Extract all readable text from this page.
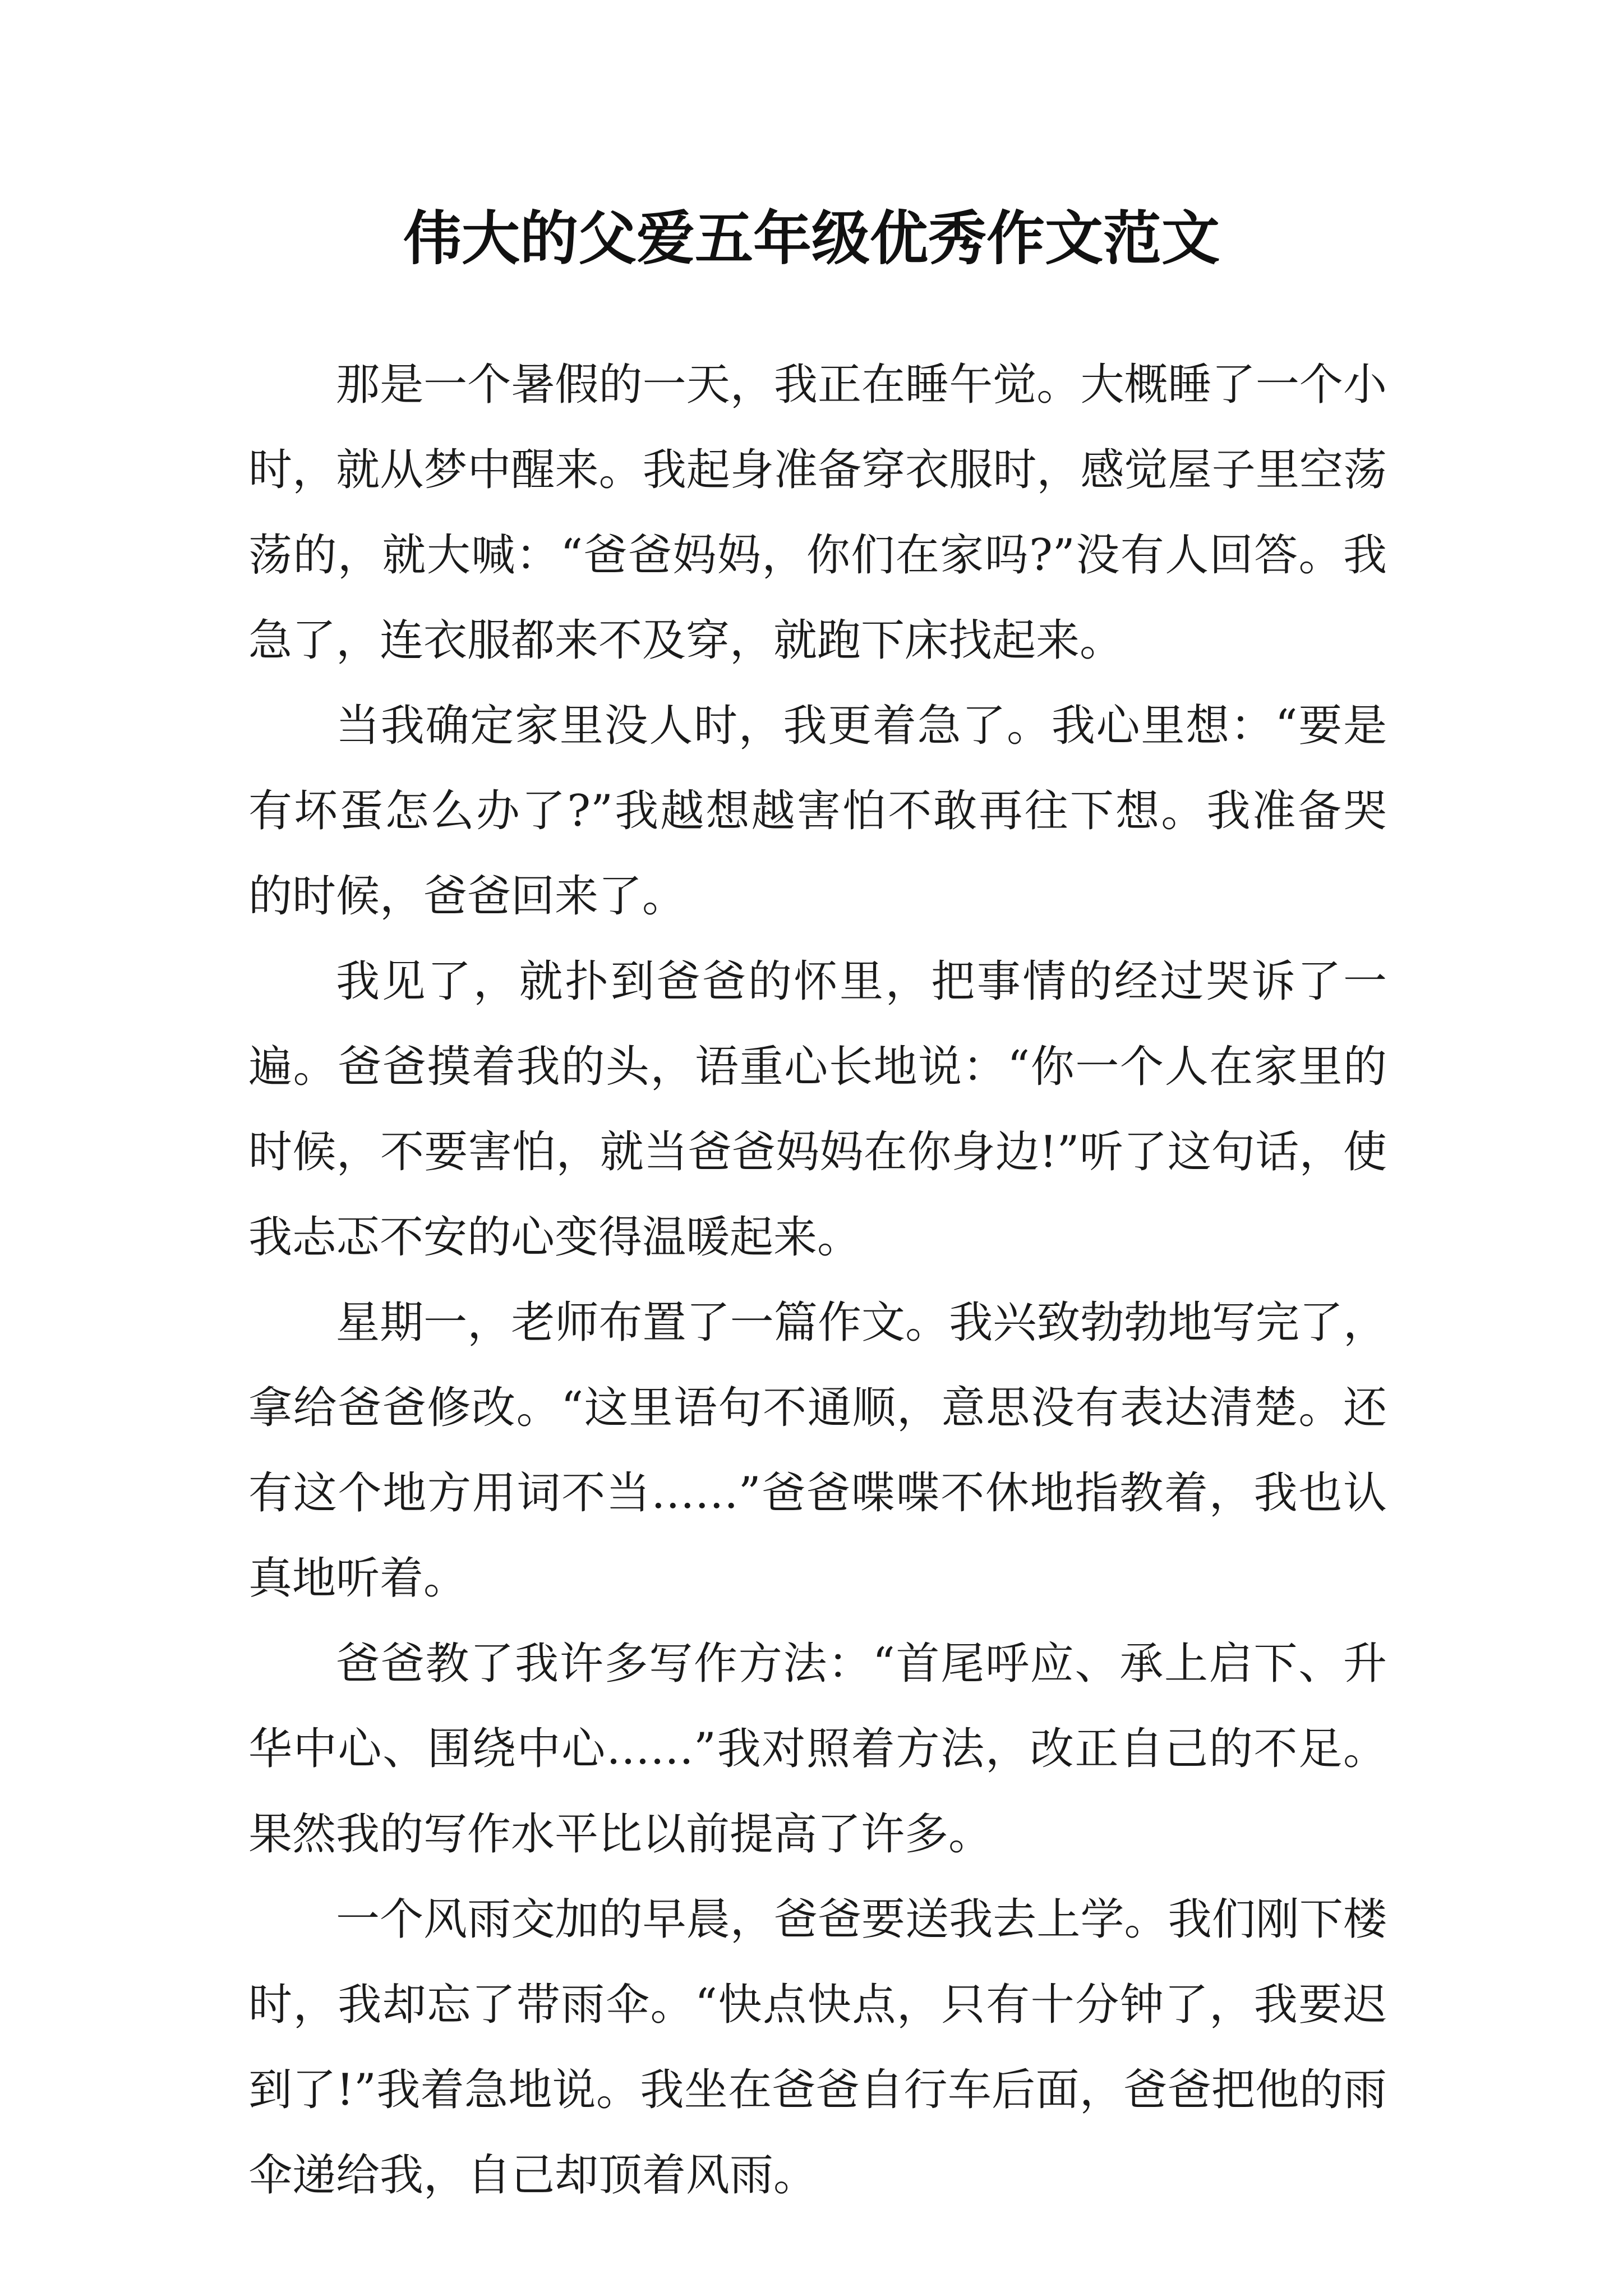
伟大的父爱五年级优秀作文范文

那是一个暑假的一天，我正在睡午觉。大概睡了一个小时，就从梦中醒来。我起身准备穿衣服时，感觉屋子里空荡荡的，就大喊：“爸爸妈妈，你们在家吗?”没有人回答。我急了，连衣服都来不及穿，就跑下床找起来。

当我确定家里没人时，我更着急了。我心里想：“要是有坏蛋怎么办了?”我越想越害怕不敢再往下想。我准备哭的时候，爸爸回来了。

我见了，就扑到爸爸的怀里，把事情的经过哭诉了一遍。爸爸摸着我的头，语重心长地说：“你一个人在家里的时候，不要害怕，就当爸爸妈妈在你身边!”听了这句话，使我忐忑不安的心变得温暖起来。

星期一，老师布置了一篇作文。我兴致勃勃地写完了，拿给爸爸修改。“这里语句不通顺，意思没有表达清楚。还有这个地方用词不当……”爸爸喋喋不休地指教着，我也认真地听着。

爸爸教了我许多写作方法：“首尾呼应、承上启下、升华中心、围绕中心……”我对照着方法，改正自己的不足。果然我的写作水平比以前提高了许多。

一个风雨交加的早晨，爸爸要送我去上学。我们刚下楼时，我却忘了带雨伞。“快点快点，只有十分钟了，我要迟到了!”我着急地说。我坐在爸爸自行车后面，爸爸把他的雨伞递给我，自己却顶着风雨。
